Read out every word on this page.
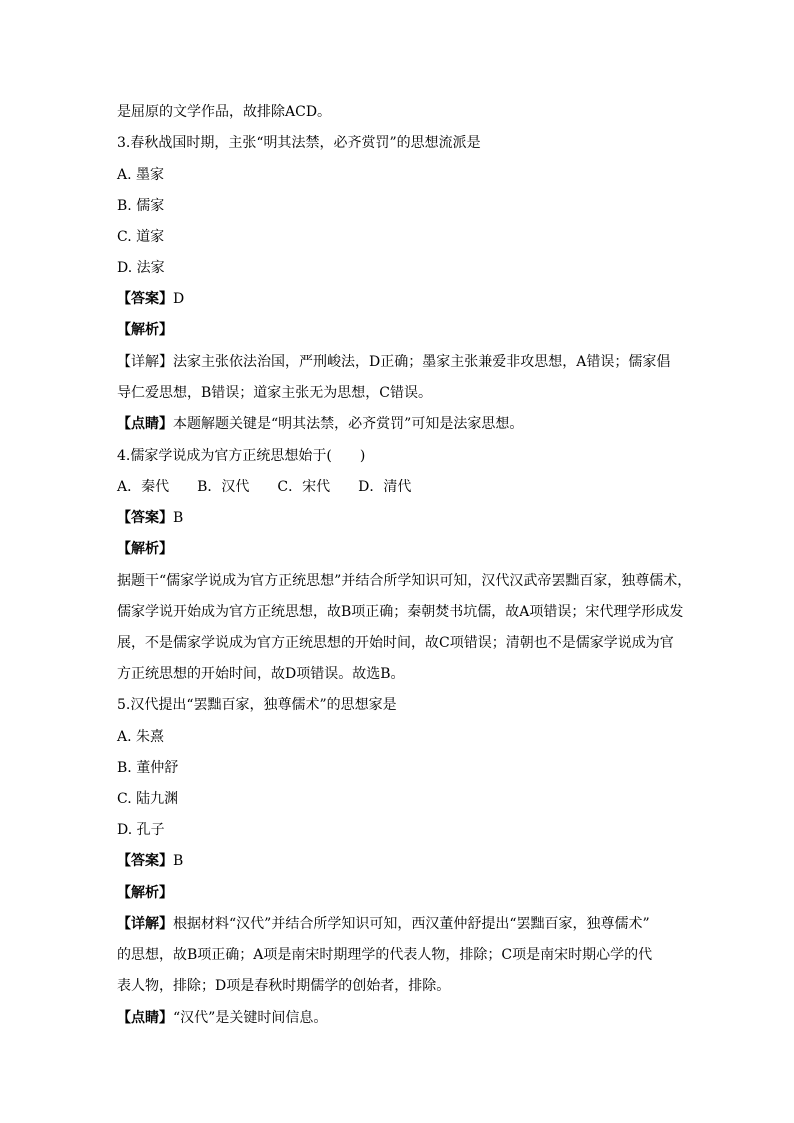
是屈原的文学作品，故排除ACD。
3.春秋战国时期，主张“明其法禁，必齐赏罚”的思想流派是
A. 墨家
B. 儒家
C. 道家
D. 法家
【答案】D
【解析】
【详解】法家主张依法治国，严刑峻法，D正确；墨家主张兼爱非攻思想，A错误；儒家倡
导仁爱思想，B错误；道家主张无为思想，C错误。
【点睛】本题解题关键是“明其法禁，必齐赏罚”可知是法家思想。
4.儒家学说成为官方正统思想始于(　　)
A．秦代 B．汉代 C．宋代 D．清代
【答案】B
【解析】
据题干“儒家学说成为官方正统思想”并结合所学知识可知，汉代汉武帝罢黜百家，独尊儒术，
儒家学说开始成为官方正统思想，故B项正确；秦朝焚书坑儒，故A项错误；宋代理学形成发
展，不是儒家学说成为官方正统思想的开始时间，故C项错误；清朝也不是儒家学说成为官
方正统思想的开始时间，故D项错误。故选B。
5.汉代提出“罢黜百家，独尊儒术”的思想家是
A. 朱熹
B. 董仲舒
C. 陆九渊
D. 孔子
【答案】B
【解析】
【详解】根据材料“汉代”并结合所学知识可知，西汉董仲舒提出“罢黜百家，独尊儒术”
的思想，故B项正确；A项是南宋时期理学的代表人物，排除；C项是南宋时期心学的代
表人物，排除；D项是春秋时期儒学的创始者，排除。
【点睛】“汉代”是关键时间信息。
